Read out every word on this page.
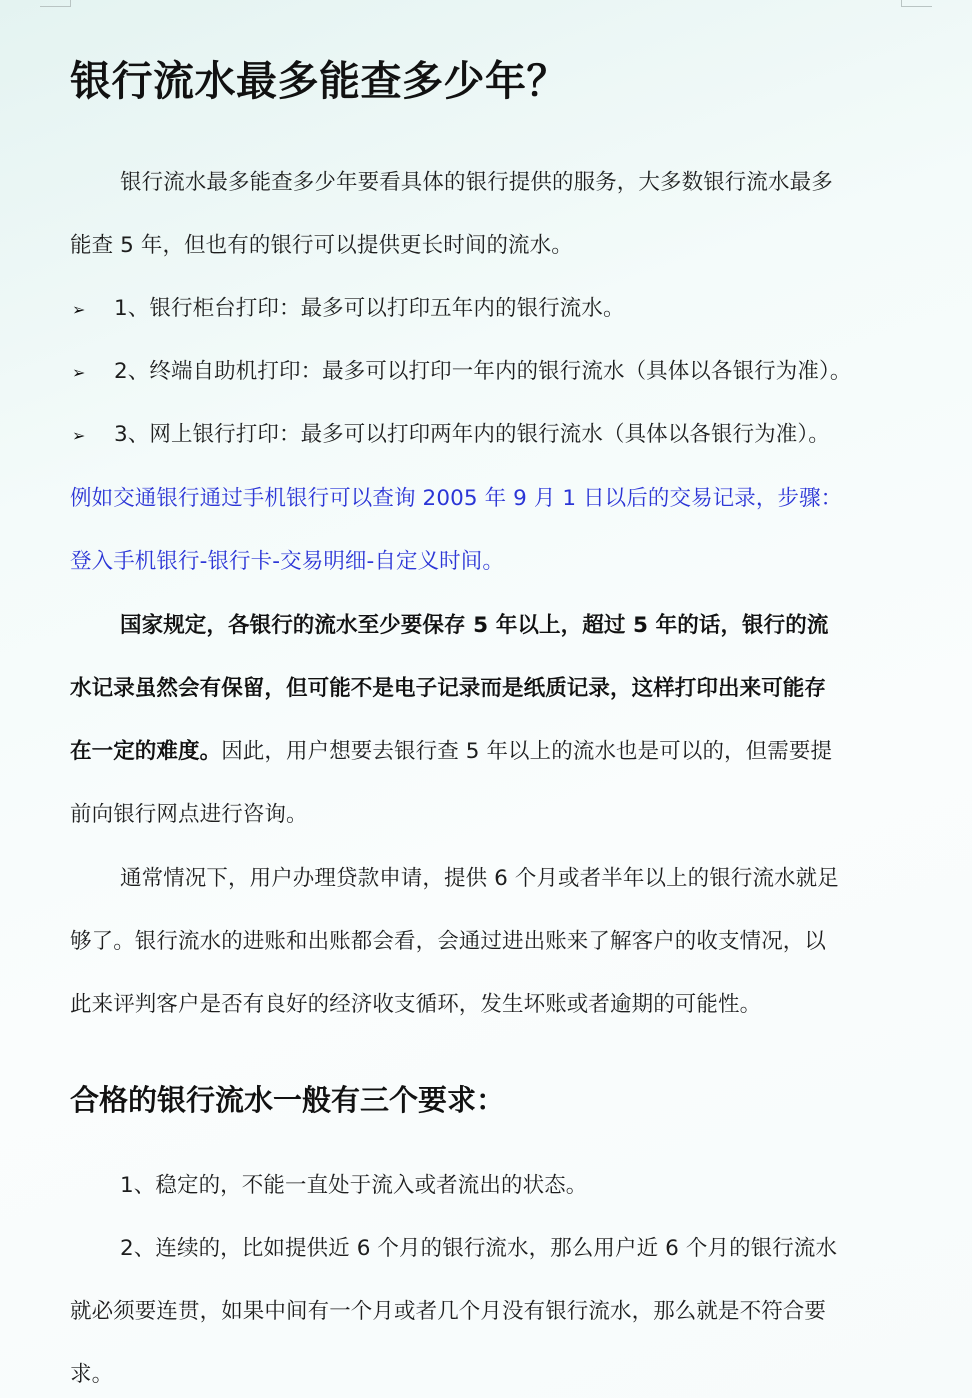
银行流水最多能查多少年？
银行流水最多能查多少年要看具体的银行提供的服务，大多数银行流水最多
能查 5 年，但也有的银行可以提供更长时间的流水。
➢ 1、银行柜台打印：最多可以打印五年内的银行流水。
➢ 2、终端自助机打印：最多可以打印一年内的银行流水（具体以各银行为准）。
➢ 3、网上银行打印：最多可以打印两年内的银行流水（具体以各银行为准）。
例如交通银行通过手机银行可以查询 2005 年 9 月 1 日以后的交易记录，步骤：
登入手机银行-银行卡-交易明细-自定义时间。
国家规定，各银行的流水至少要保存 5 年以上，超过 5 年的话，银行的流
水记录虽然会有保留，但可能不是电子记录而是纸质记录，这样打印出来可能存
在一定的难度。因此，用户想要去银行查 5 年以上的流水也是可以的，但需要提
前向银行网点进行咨询。
通常情况下，用户办理贷款申请，提供 6 个月或者半年以上的银行流水就足
够了。银行流水的进账和出账都会看，会通过进出账来了解客户的收支情况，以
此来评判客户是否有良好的经济收支循环，发生坏账或者逾期的可能性。
合格的银行流水一般有三个要求：
1、稳定的，不能一直处于流入或者流出的状态。
2、连续的，比如提供近 6 个月的银行流水，那么用户近 6 个月的银行流水
就必须要连贯，如果中间有一个月或者几个月没有银行流水，那么就是不符合要
求。
